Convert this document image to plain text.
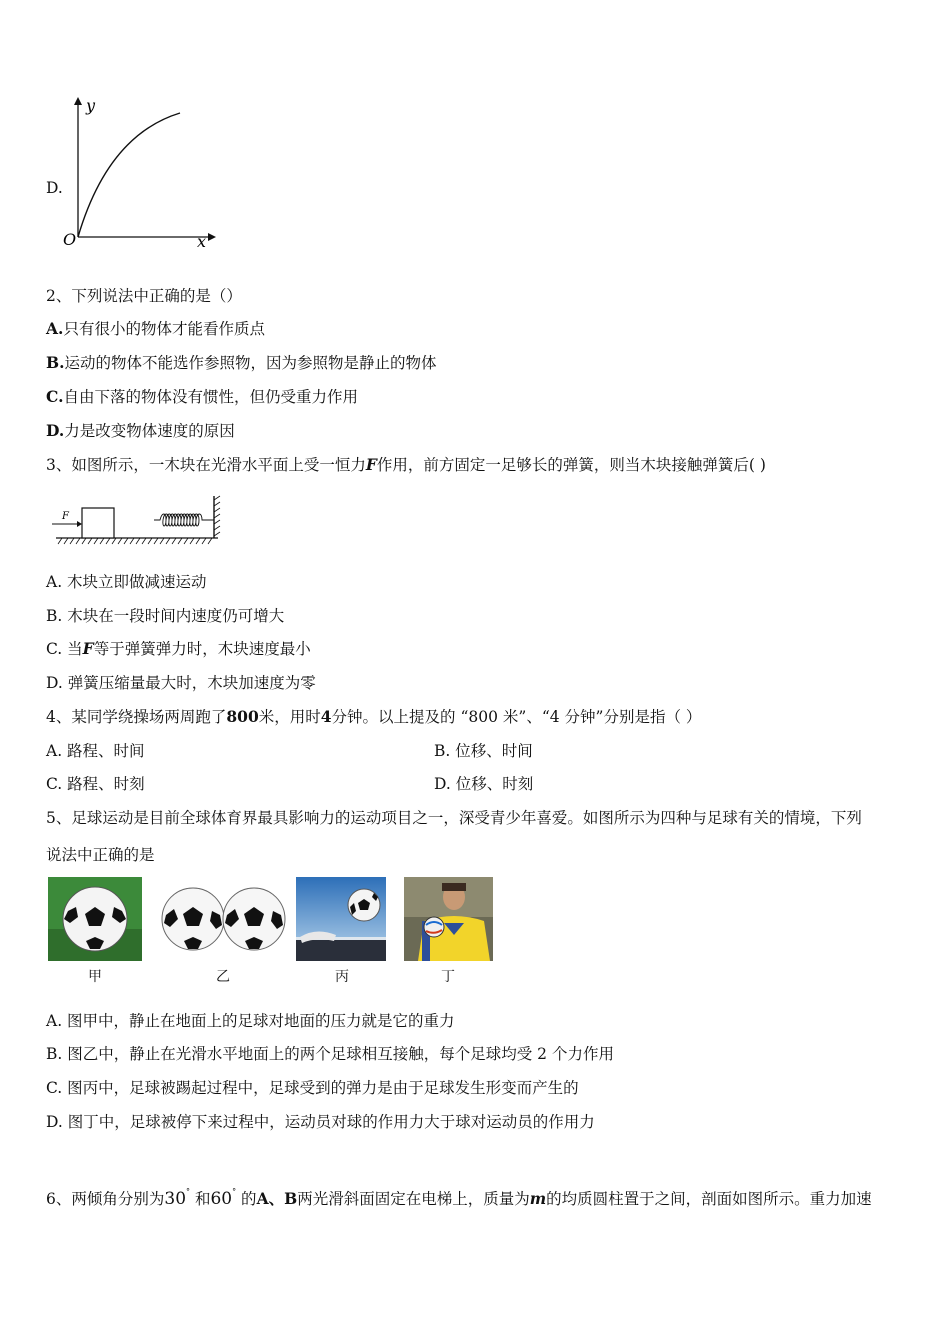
D.
y
x
O
2、下列说法中正确的是（）
A.只有很小的物体才能看作质点
B.运动的物体不能选作参照物，因为参照物是静止的物体
C.自由下落的物体没有惯性，但仍受重力作用
D.力是改变物体速度的原因
3、如图所示，一木块在光滑水平面上受一恒力F作用，前方固定一足够长的弹簧，则当木块接触弹簧后( )
F
A. 木块立即做减速运动
B. 木块在一段时间内速度仍可增大
C. 当F等于弹簧弹力时，木块速度最小
D. 弹簧压缩量最大时，木块加速度为零
4、某同学绕操场两周跑了800米，用时4分钟。以上提及的 “800 米”、“4 分钟”分别是指（ ）
A. 路程、时间	B. 位移、时间
C. 路程、时刻	D. 位移、时刻
5、足球运动是目前全球体育界最具影响力的运动项目之一，深受青少年喜爱。如图所示为四种与足球有关的情境，下列
说法中正确的是
甲	乙	丙	丁
A. 图甲中，静止在地面上的足球对地面的压力就是它的重力
B. 图乙中，静止在光滑水平地面上的两个足球相互接触，每个足球均受 2 个力作用
C. 图丙中，足球被踢起过程中，足球受到的弹力是由于足球发生形变而产生的
D. 图丁中，足球被停下来过程中，运动员对球的作用力大于球对运动员的作用力
6、两倾角分别为30° 和60° 的A、B两光滑斜面固定在电梯上，质量为m的均质圆柱置于之间，剖面如图所示。重力加速
